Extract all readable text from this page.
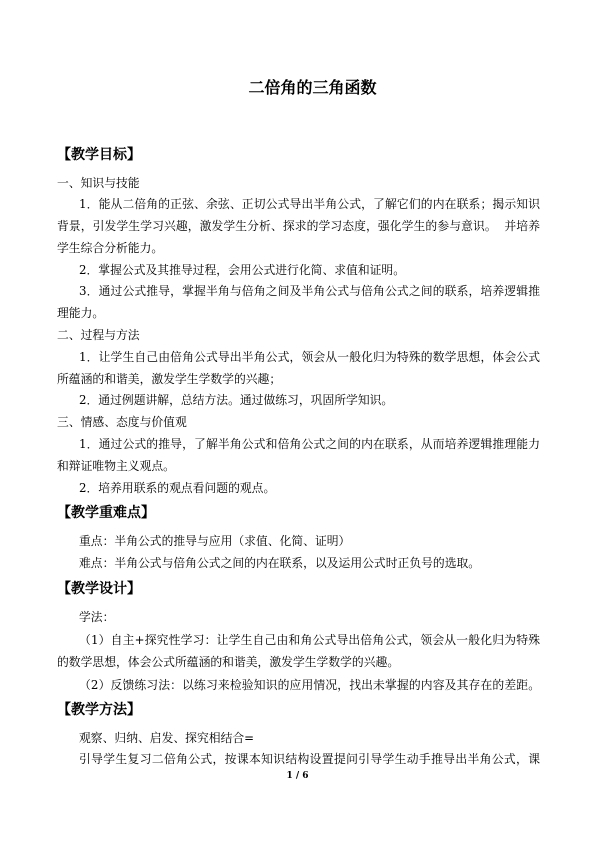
二倍角的三角函数
【教学目标】
一、知识与技能
1．能从二倍角的正弦、余弦、正切公式导出半角公式，了解它们的内在联系；揭示知识
背景，引发学生学习兴趣，激发学生分析、探求的学习态度，强化学生的参与意识。  并培养
学生综合分析能力。
2．掌握公式及其推导过程，会用公式进行化简、求值和证明。
3．通过公式推导，掌握半角与倍角之间及半角公式与倍角公式之间的联系，培养逻辑推
理能力。
二、过程与方法
1．让学生自己由倍角公式导出半角公式，领会从一般化归为特殊的数学思想，体会公式
所蕴涵的和谐美，激发学生学数学的兴趣；
2．通过例题讲解，总结方法。通过做练习，巩固所学知识。
三、情感、态度与价值观
1．通过公式的推导，了解半角公式和倍角公式之间的内在联系，从而培养逻辑推理能力
和辩证唯物主义观点。
2．培养用联系的观点看问题的观点。
【教学重难点】
重点：半角公式的推导与应用（求值、化简、证明）
难点：半角公式与倍角公式之间的内在联系，以及运用公式时正负号的选取。
【教学设计】
学法：
（1）自主+探究性学习：让学生自己由和角公式导出倍角公式，领会从一般化归为特殊
的数学思想，体会公式所蕴涵的和谐美，激发学生学数学的兴趣。
（2）反馈练习法：以练习来检验知识的应用情况，找出未掌握的内容及其存在的差距。
【教学方法】
观察、归纳、启发、探究相结合=
引导学生复习二倍角公式，按课本知识结构设置提问引导学生动手推导出半角公式，课
1 / 6
